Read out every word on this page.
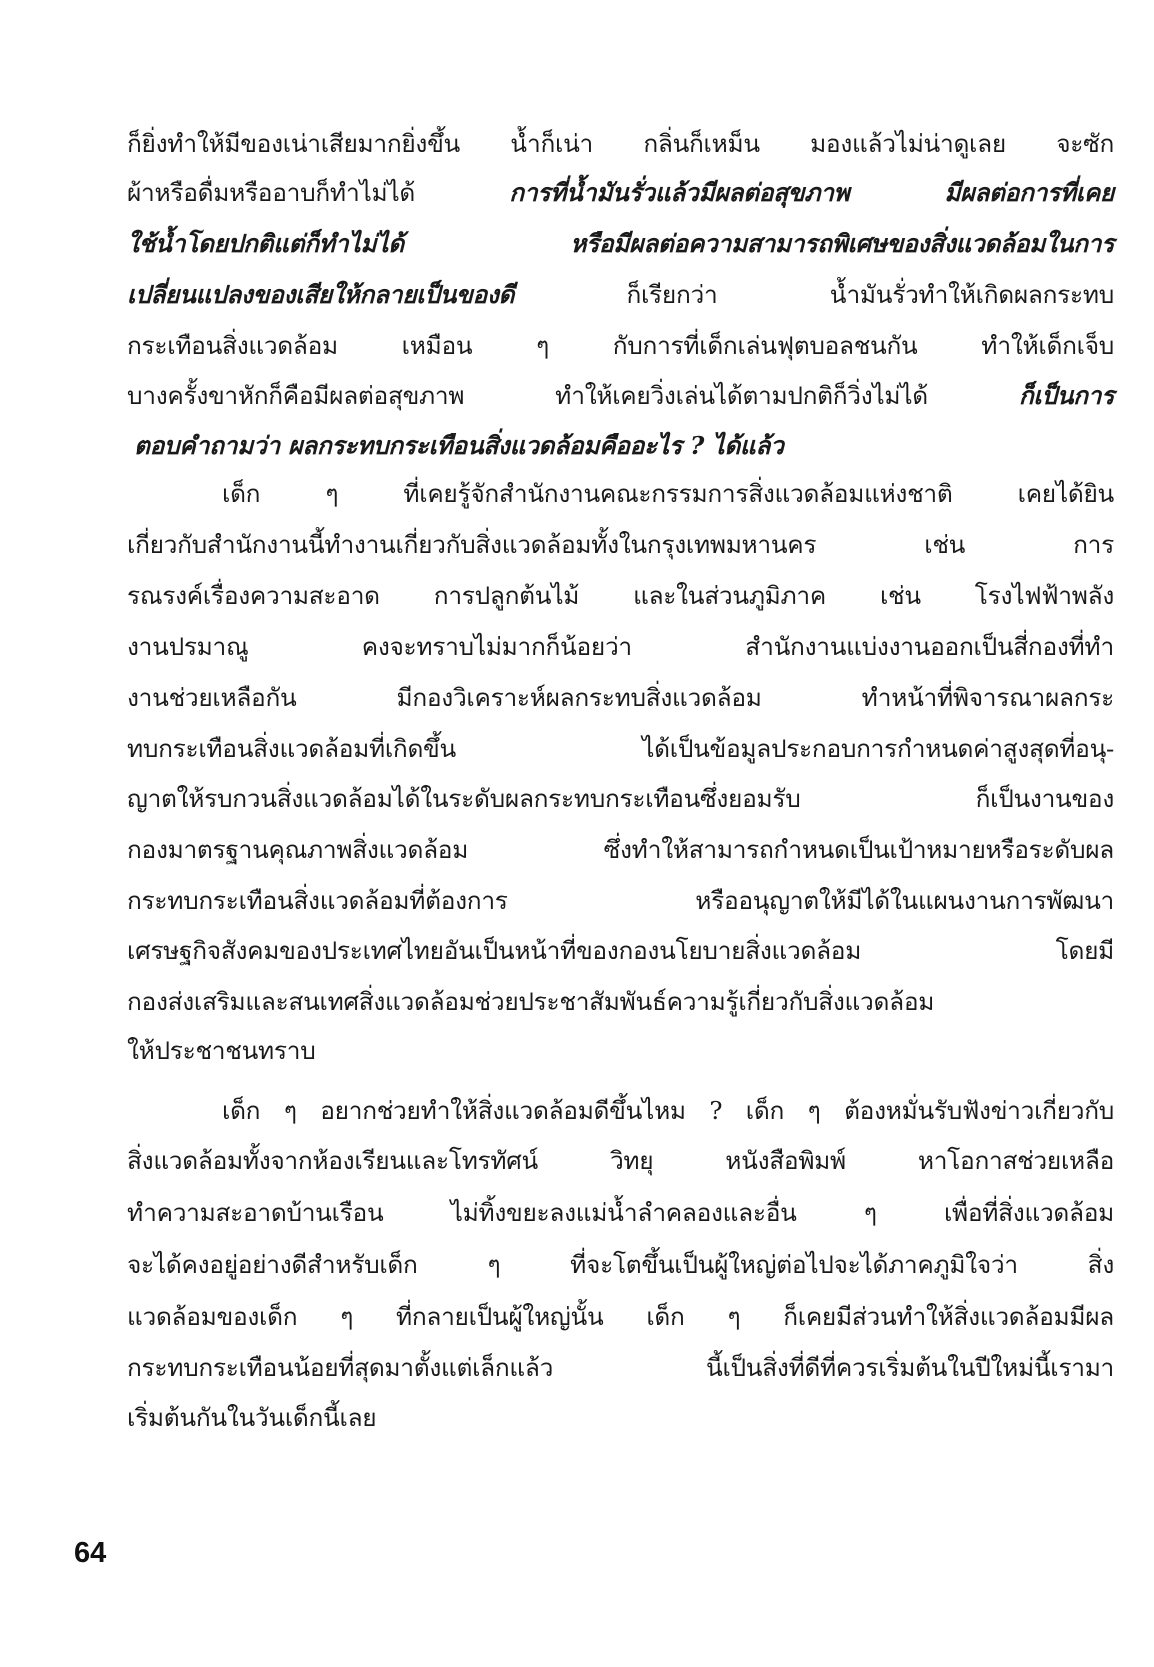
ก็ยิ่งทำให้มีของเน่าเสียมากยิ่งขึ้น น้ำก็เน่า กลิ่นก็เหม็น มองแล้วไม่น่าดูเลย จะซัก
ผ้าหรือดื่มหรืออาบก็ทำไม่ได้ การที่น้ำมันรั่วแล้วมีผลต่อสุขภาพ มีผลต่อการที่เคย
ใช้น้ำโดยปกติแต่ก็ทำไม่ได้ หรือมีผลต่อความสามารถพิเศษของสิ่งแวดล้อมในการ
เปลี่ยนแปลงของเสียให้กลายเป็นของดี ก็เรียกว่า น้ำมันรั่วทำให้เกิดผลกระทบ
กระเทือนสิ่งแวดล้อม เหมือน ๆ กับการที่เด็กเล่นฟุตบอลชนกัน ทำให้เด็กเจ็บ
บางครั้งขาหักก็คือมีผลต่อสุขภาพ ทำให้เคยวิ่งเล่นได้ตามปกติก็วิ่งไม่ได้ ก็เป็นการ
ตอบคำถามว่า ผลกระทบกระเทือนสิ่งแวดล้อมคืออะไร ? ได้แล้ว
เด็ก ๆ ที่เคยรู้จักสำนักงานคณะกรรมการสิ่งแวดล้อมแห่งชาติ เคยได้ยิน
เกี่ยวกับสำนักงานนี้ทำงานเกี่ยวกับสิ่งแวดล้อมทั้งในกรุงเทพมหานคร เช่น การ
รณรงค์เรื่องความสะอาด การปลูกต้นไม้ และในส่วนภูมิภาค เช่น โรงไฟฟ้าพลัง
งานปรมาณู คงจะทราบไม่มากก็น้อยว่า สำนักงานแบ่งงานออกเป็นสี่กองที่ทำ
งานช่วยเหลือกัน มีกองวิเคราะห์ผลกระทบสิ่งแวดล้อม ทำหน้าที่พิจารณาผลกระ
ทบกระเทือนสิ่งแวดล้อมที่เกิดขึ้น ได้เป็นข้อมูลประกอบการกำหนดค่าสูงสุดที่อนุ-
ญาตให้รบกวนสิ่งแวดล้อมได้ในระดับผลกระทบกระเทือนซึ่งยอมรับ ก็เป็นงานของ
กองมาตรฐานคุณภาพสิ่งแวดล้อม ซึ่งทำให้สามารถกำหนดเป็นเป้าหมายหรือระดับผล
กระทบกระเทือนสิ่งแวดล้อมที่ต้องการ หรืออนุญาตให้มีได้ในแผนงานการพัฒนา
เศรษฐกิจสังคมของประเทศไทยอันเป็นหน้าที่ของกองนโยบายสิ่งแวดล้อม โดยมี
กองส่งเสริมและสนเทศสิ่งแวดล้อมช่วยประชาสัมพันธ์ความรู้เกี่ยวกับสิ่งแวดล้อม
ให้ประชาชนทราบ
เด็ก ๆ อยากช่วยทำให้สิ่งแวดล้อมดีขึ้นไหม ? เด็ก ๆ ต้องหมั่นรับฟังข่าวเกี่ยวกับ
สิ่งแวดล้อมทั้งจากห้องเรียนและโทรทัศน์ วิทยุ หนังสือพิมพ์ หาโอกาสช่วยเหลือ
ทำความสะอาดบ้านเรือน ไม่ทิ้งขยะลงแม่น้ำลำคลองและอื่น ๆ เพื่อที่สิ่งแวดล้อม
จะได้คงอยู่อย่างดีสำหรับเด็ก ๆ ที่จะโตขึ้นเป็นผู้ใหญ่ต่อไปจะได้ภาคภูมิใจว่า สิ่ง
แวดล้อมของเด็ก ๆ ที่กลายเป็นผู้ใหญ่นั้น เด็ก ๆ ก็เคยมีส่วนทำให้สิ่งแวดล้อมมีผล
กระทบกระเทือนน้อยที่สุดมาตั้งแต่เล็กแล้ว นี้เป็นสิ่งที่ดีที่ควรเริ่มต้นในปีใหม่นี้เรามา
เริ่มต้นกันในวันเด็กนี้เลย
64
